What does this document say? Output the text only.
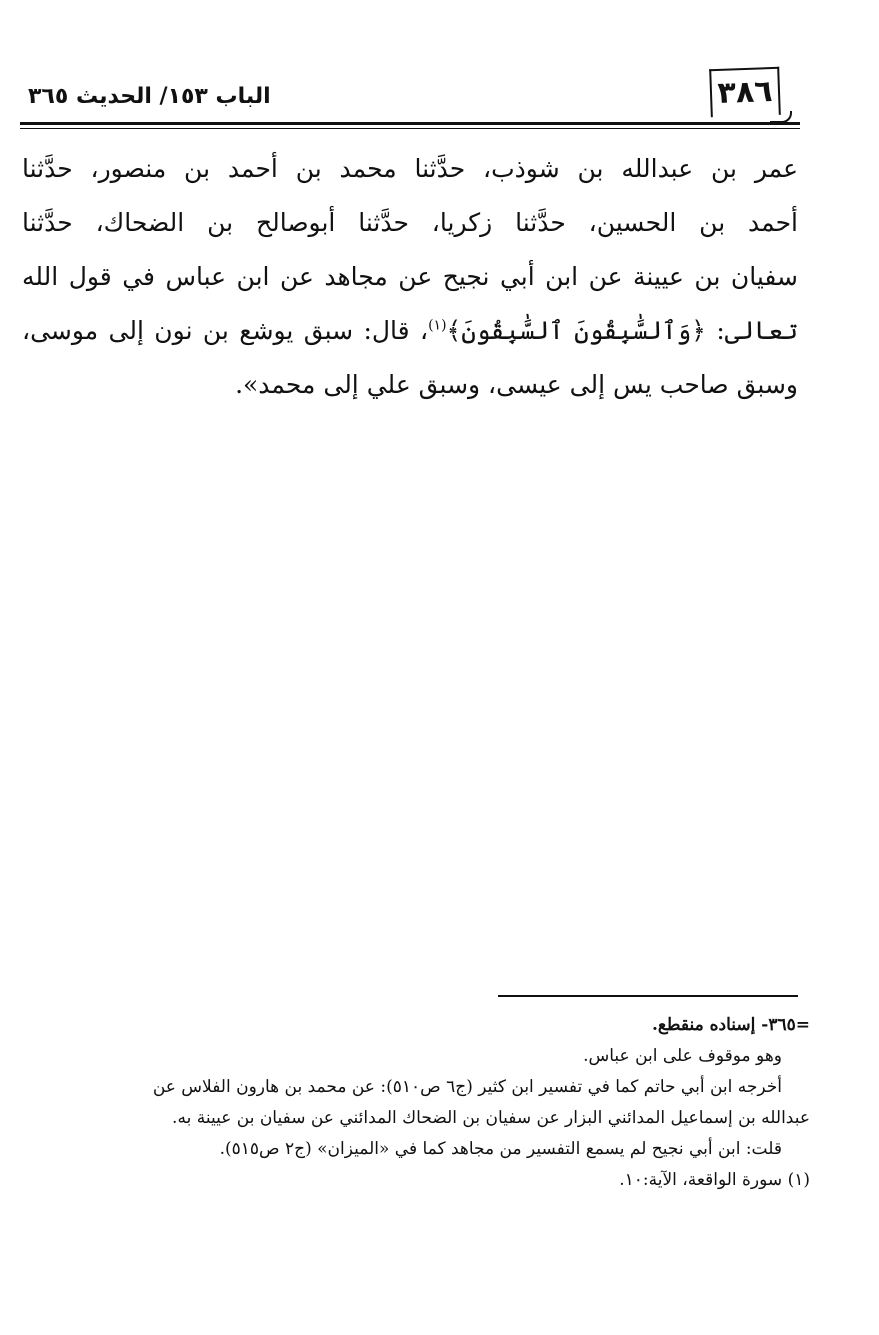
٣٨٦
الباب ١٥٣/ الحديث ٣٦٥
عمر بن عبدالله بن شوذب، حدَّثنا محمد بن أحمد بن منصور، حدَّثنا
أحمد بن الحسين، حدَّثنا زكريا، حدَّثنا أبوصالح بن الضحاك، حدَّثنا
سفيان بن عيينة عن ابن أبي نجيح عن مجاهد عن ابن عباس في قول الله
تعالى: ﴿وَٱلسَّٰبِقُونَ ٱلسَّٰبِقُونَ﴾$^{(١)}$، قال: سبق يوشع بن نون إلى موسى،
وسبق صاحب يس إلى عيسى، وسبق علي إلى محمد».
=٣٦٥- إسناده منقطع.
وهو موقوف على ابن عباس.
أخرجه ابن أبي حاتم كما في تفسير ابن كثير (ج٦ ص٥١٠): عن محمد بن هارون الفلاس عن
عبدالله بن إسماعيل المدائني البزار عن سفيان بن الضحاك المدائني عن سفيان بن عيينة به.
قلت: ابن أبي نجيح لم يسمع التفسير من مجاهد كما في «الميزان» (ج٢ ص٥١٥).
(١) سورة الواقعة، الآية:١٠.
